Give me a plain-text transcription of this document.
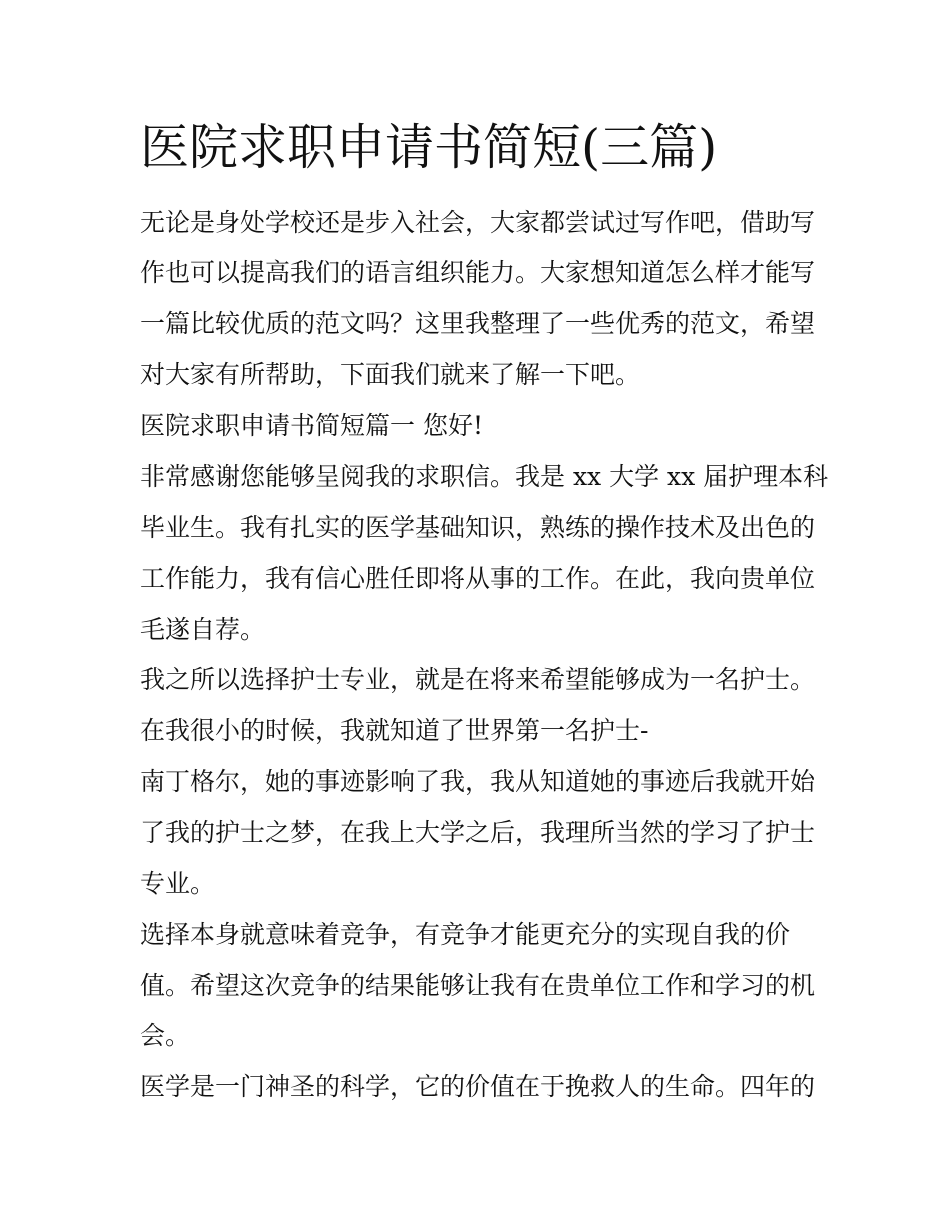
医院求职申请书简短(三篇)

无论是身处学校还是步入社会，大家都尝试过写作吧，借助写

作也可以提高我们的语言组织能力。大家想知道怎么样才能写

一篇比较优质的范文吗？这里我整理了一些优秀的范文，希望

对大家有所帮助，下面我们就来了解一下吧。

医院求职申请书简短篇一 您好!

非常感谢您能够呈阅我的求职信。我是 xx 大学 xx 届护理本科

毕业生。我有扎实的医学基础知识，熟练的操作技术及出色的

工作能力，我有信心胜任即将从事的工作。在此，我向贵单位

毛遂自荐。

我之所以选择护士专业，就是在将来希望能够成为一名护士。

在我很小的时候，我就知道了世界第一名护士-

南丁格尔，她的事迹影响了我，我从知道她的事迹后我就开始

了我的护士之梦，在我上大学之后，我理所当然的学习了护士

专业。

选择本身就意味着竞争，有竞争才能更充分的实现自我的价

值。希望这次竞争的结果能够让我有在贵单位工作和学习的机

会。

医学是一门神圣的科学，它的价值在于挽救人的生命。四年的
